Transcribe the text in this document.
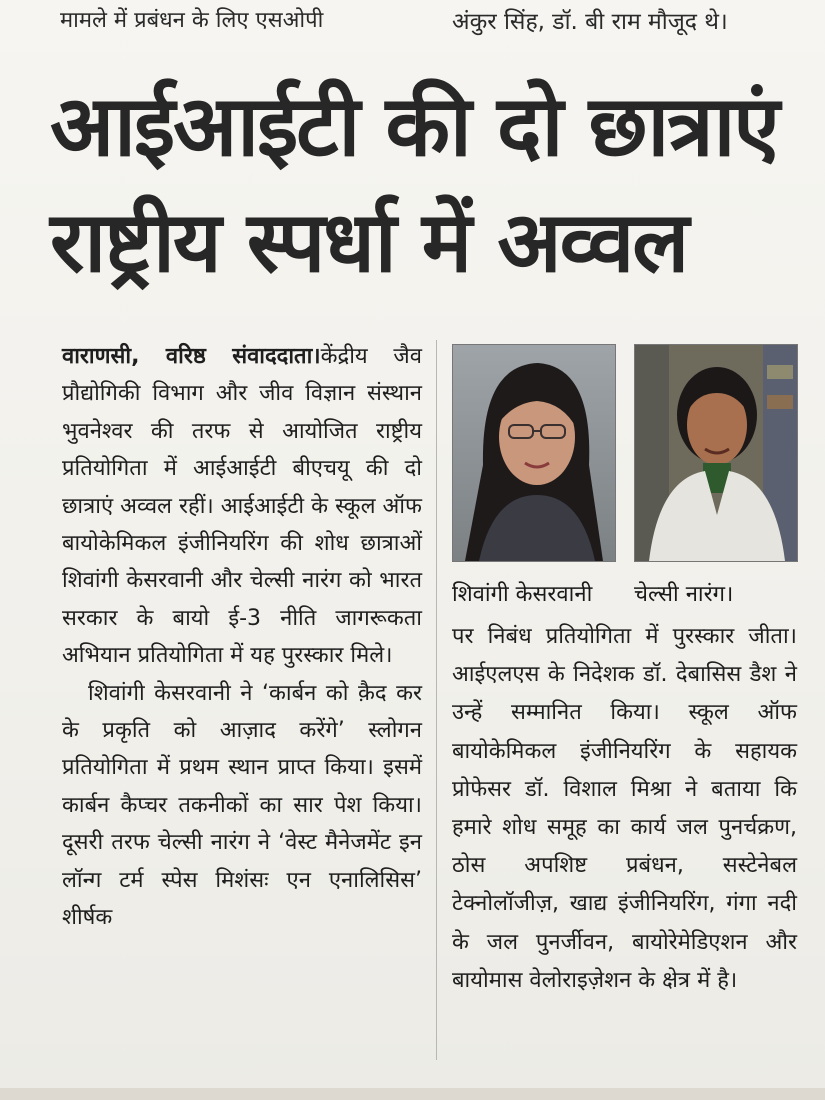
मामले में प्रबंधन के लिए एसओपी	अंकुर सिंह, डॉ. बी राम मौजूद थे।
आईआईटी की दो छात्राएं
राष्ट्रीय स्पर्धा में अव्वल

वाराणसी, वरिष्ठ संवाददाता।केंद्रीय जैव प्रौद्योगिकी विभाग और जीव विज्ञान संस्थान भुवनेश्वर की तरफ से आयोजित राष्ट्रीय प्रतियोगिता में आईआईटी बीएचयू की दो छात्राएं अव्वल रहीं। आईआईटी के स्कूल ऑफ बायोकेमिकल इंजीनियरिंग की शोध छात्राओं शिवांगी केसरवानी और चेल्सी नारंग को भारत सरकार के बायो ई-3 नीति जागरूकता अभियान प्रतियोगिता में यह पुरस्कार मिले।

शिवांगी केसरवानी ने ‘कार्बन को क़ैद कर के प्रकृति को आज़ाद करेंगे’ स्लोगन प्रतियोगिता में प्रथम स्थान प्राप्त किया। इसमें कार्बन कैप्चर तकनीकों का सार पेश किया। दूसरी तरफ चेल्सी नारंग ने ‘वेस्ट मैनेजमेंट इन लॉन्ग टर्म स्पेस मिशंसः एन एनालिसिस’ शीर्षक

शिवांगी केसरवानी चेल्सी नारंग।

पर निबंध प्रतियोगिता में पुरस्कार जीता। आईएलएस के निदेशक डॉ. देबासिस डैश ने उन्हें सम्मानित किया। स्कूल ऑफ बायोकेमिकल इंजीनियरिंग के सहायक प्रोफेसर डॉ. विशाल मिश्रा ने बताया कि हमारे शोध समूह का कार्य जल पुनर्चक्रण, ठोस अपशिष्ट प्रबंधन, सस्टेनेबल टेक्नोलॉजीज़, खाद्य इंजीनियरिंग, गंगा नदी के जल पुनर्जीवन, बायोरेमेडिएशन और बायोमास वेलोराइज़ेशन के क्षेत्र में है।
